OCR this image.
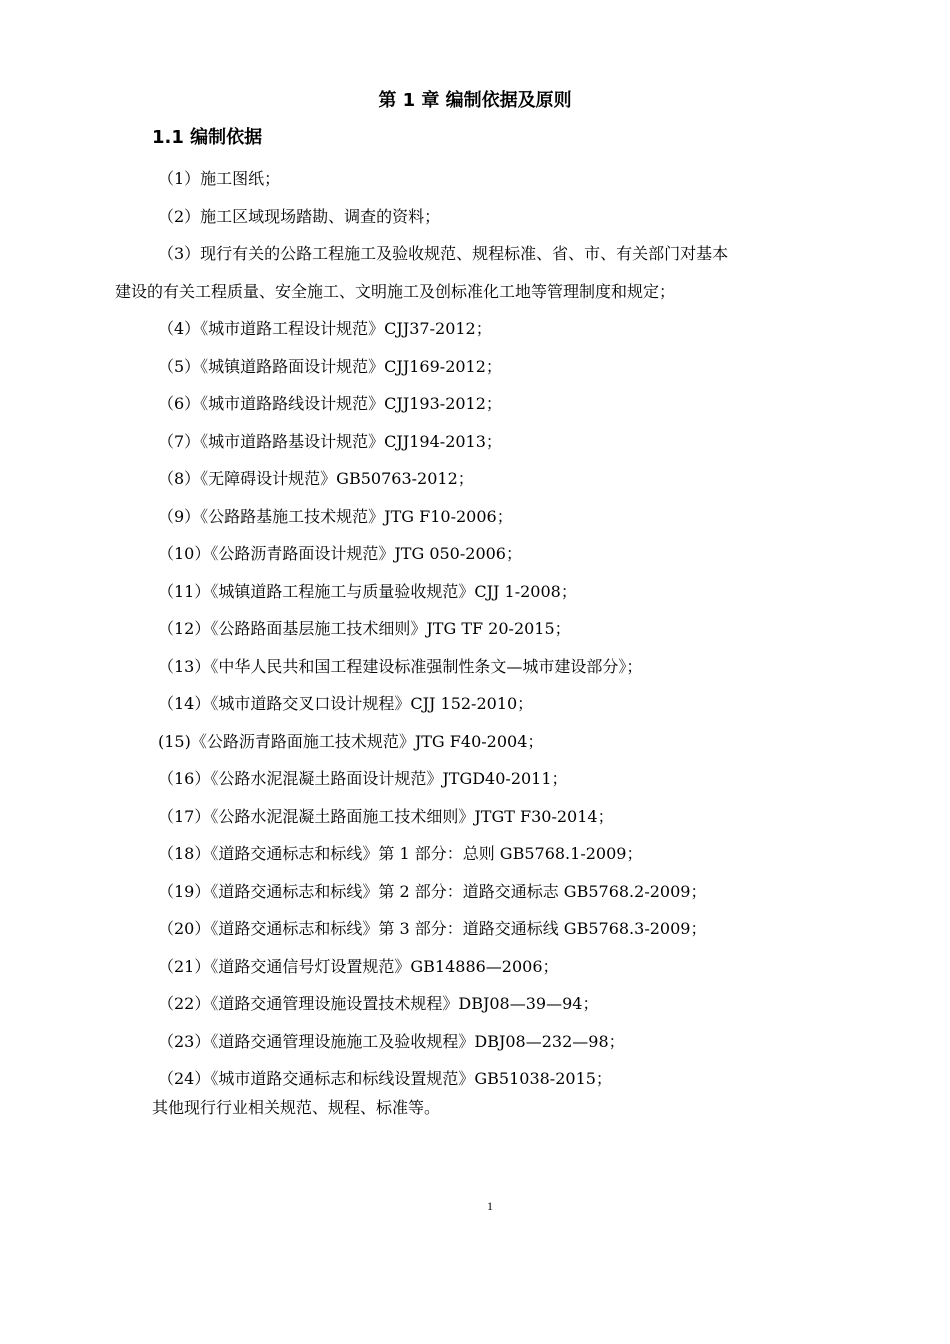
第 1 章 编制依据及原则
1.1 编制依据
（1）施工图纸；
（2）施工区域现场踏勘、调查的资料；
（3）现行有关的公路工程施工及验收规范、规程标准、省、市、有关部门对基本
建设的有关工程质量、安全施工、文明施工及创标准化工地等管理制度和规定；
（4）《城市道路工程设计规范》CJJ37-2012；
（5）《城镇道路路面设计规范》CJJ169-2012；
（6）《城市道路路线设计规范》CJJ193-2012；
（7）《城市道路路基设计规范》CJJ194-2013；
（8）《无障碍设计规范》GB50763-2012；
（9）《公路路基施工技术规范》JTG F10-2006；
（10）《公路沥青路面设计规范》JTG 050-2006；
（11）《城镇道路工程施工与质量验收规范》CJJ 1-2008；
（12）《公路路面基层施工技术细则》JTG TF 20-2015；
（13）《中华人民共和国工程建设标准强制性条文—城市建设部分》；
（14）《城市道路交叉口设计规程》CJJ 152-2010；
(15)《公路沥青路面施工技术规范》JTG F40-2004；
（16）《公路水泥混凝土路面设计规范》JTGD40-2011；
（17）《公路水泥混凝土路面施工技术细则》JTGT F30-2014；
（18）《道路交通标志和标线》第 1 部分：总则 GB5768.1-2009；
（19）《道路交通标志和标线》第 2 部分：道路交通标志 GB5768.2-2009；
（20）《道路交通标志和标线》第 3 部分：道路交通标线 GB5768.3-2009；
（21）《道路交通信号灯设置规范》GB14886—2006；
（22）《道路交通管理设施设置技术规程》DBJ08—39—94；
（23）《道路交通管理设施施工及验收规程》DBJ08—232—98；
（24）《城市道路交通标志和标线设置规范》GB51038-2015；
其他现行行业相关规范、规程、标准等。
1
